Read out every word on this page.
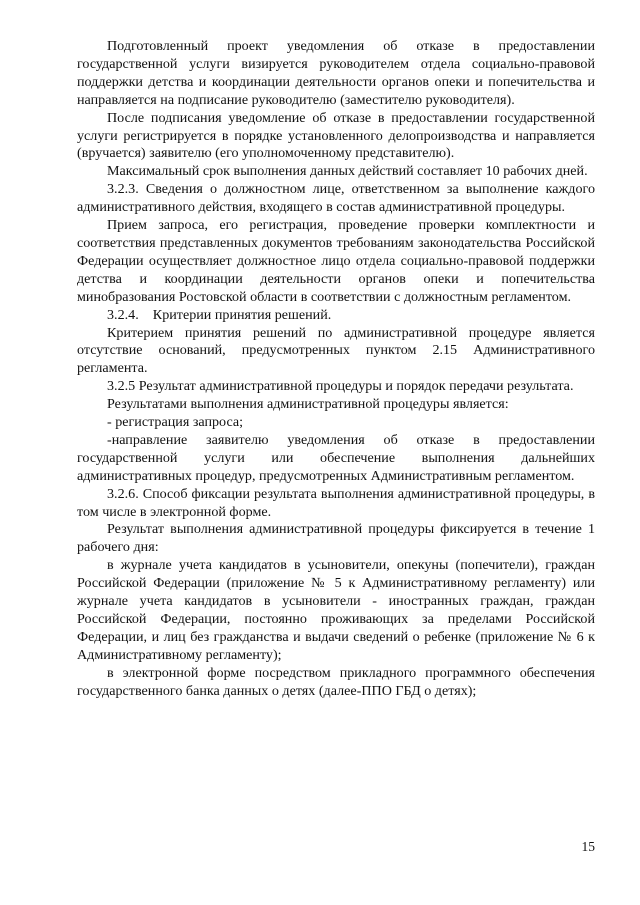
Подготовленный проект уведомления об отказе в предоставлении государственной услуги визируется руководителем отдела социально-правовой поддержки детства и координации деятельности органов опеки и попечительства и направляется на подписание руководителю (заместителю руководителя).

После подписания уведомление об отказе в предоставлении государственной услуги регистрируется в порядке установленного делопроизводства и направляется (вручается) заявителю (его уполномоченному представителю).

Максимальный срок выполнения данных действий составляет 10 рабочих дней.

3.2.3. Сведения о должностном лице, ответственном за выполнение каждого административного действия, входящего в состав административной процедуры.

Прием запроса, его регистрация, проведение проверки комплектности и соответствия представленных документов требованиям законодательства Российской Федерации осуществляет должностное лицо отдела социально-правовой поддержки детства и координации деятельности органов опеки и попечительства минобразования Ростовской области в соответствии с должностным регламентом.

3.2.4.    Критерии принятия решений.

Критерием принятия решений по административной процедуре является отсутствие оснований, предусмотренных пунктом 2.15 Административного регламента.

3.2.5 Результат административной процедуры и порядок передачи результата.

Результатами выполнения административной процедуры является:

- регистрация запроса;

-направление заявителю уведомления об отказе в предоставлении государственной услуги или обеспечение выполнения дальнейших административных процедур, предусмотренных Административным регламентом.

3.2.6. Способ фиксации результата выполнения административной процедуры, в том числе в электронной форме.

Результат выполнения административной процедуры фиксируется в течение 1 рабочего дня:

в журнале учета кандидатов в усыновители, опекуны (попечители), граждан Российской Федерации (приложение № 5 к Административному регламенту) или журнале учета кандидатов в усыновители - иностранных граждан, граждан Российской Федерации, постоянно проживающих за пределами Российской Федерации, и лиц без гражданства и выдачи сведений о ребенке (приложение № 6 к Административному регламенту);

в электронной форме посредством прикладного программного обеспечения государственного банка данных о детях (далее-ППО ГБД о детях);

15
